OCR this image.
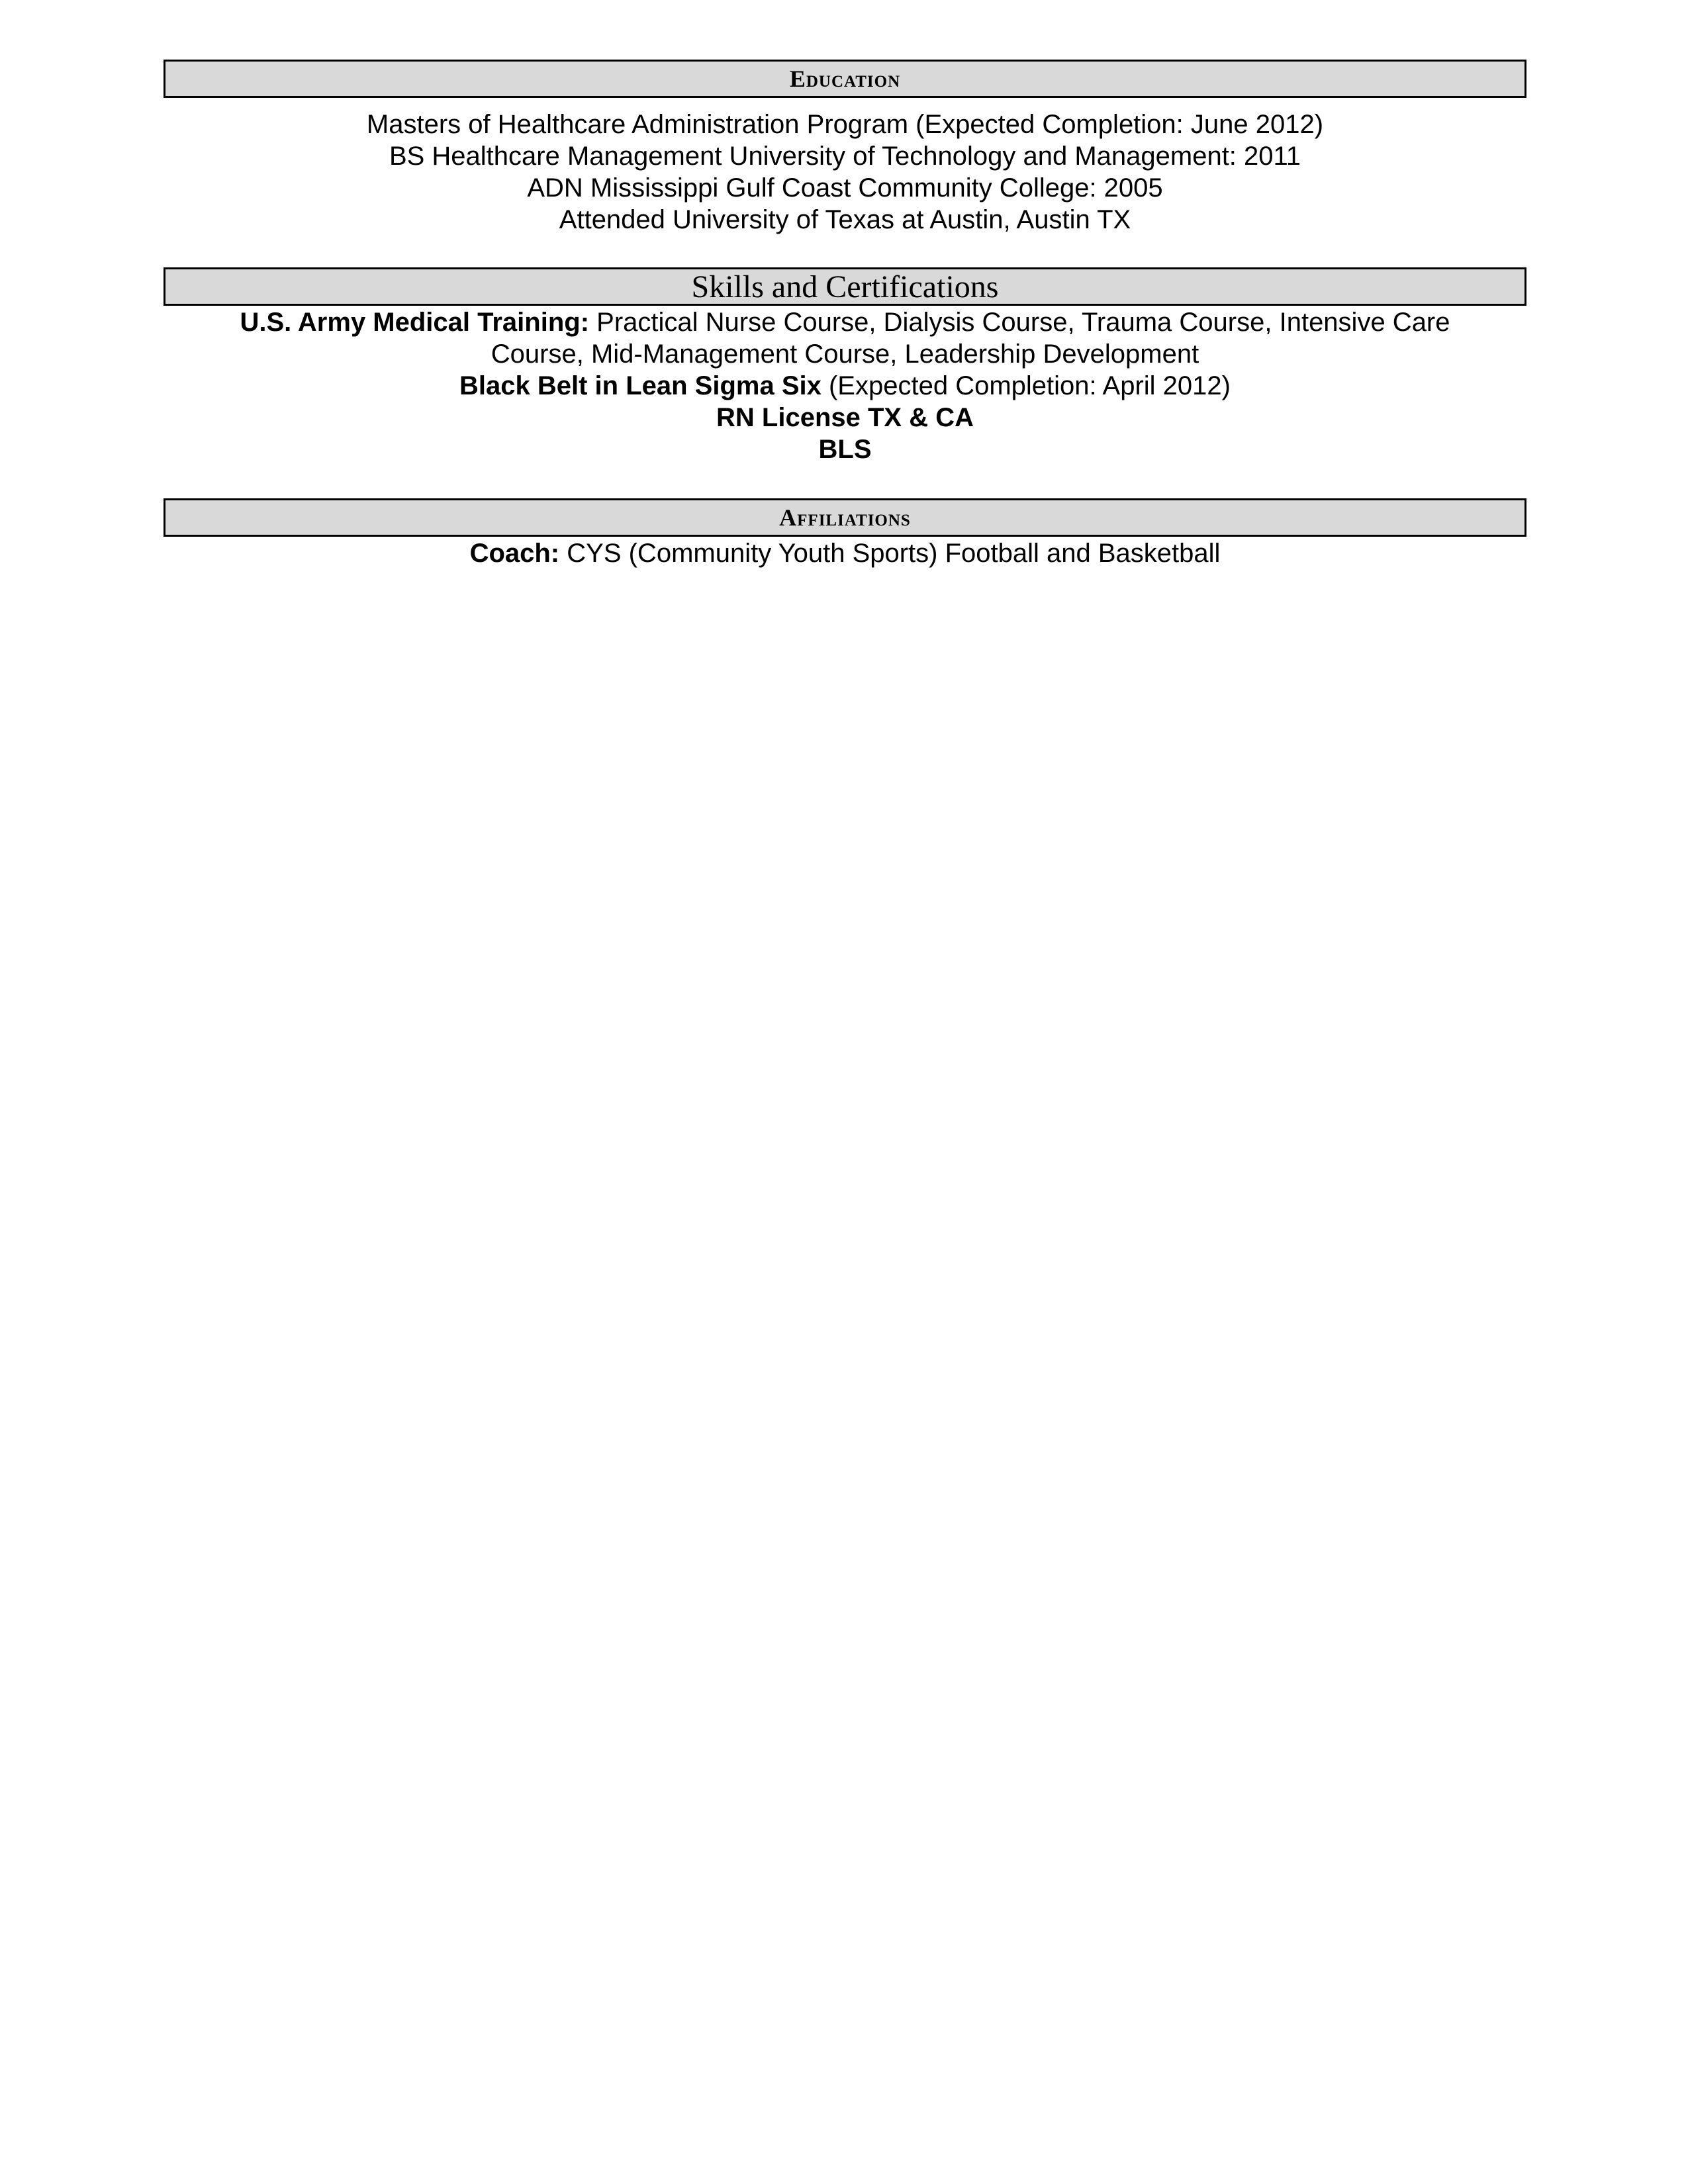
Education
Masters of Healthcare Administration Program (Expected Completion: June 2012)
BS Healthcare Management University of Technology and Management: 2011
ADN Mississippi Gulf Coast Community College: 2005
Attended University of Texas at Austin, Austin TX
Skills and Certifications
U.S. Army Medical Training: Practical Nurse Course, Dialysis Course, Trauma Course, Intensive Care Course, Mid-Management Course, Leadership Development
Black Belt in Lean Sigma Six (Expected Completion: April 2012)
RN License TX & CA
BLS
Affiliations
Coach: CYS (Community Youth Sports) Football and Basketball
